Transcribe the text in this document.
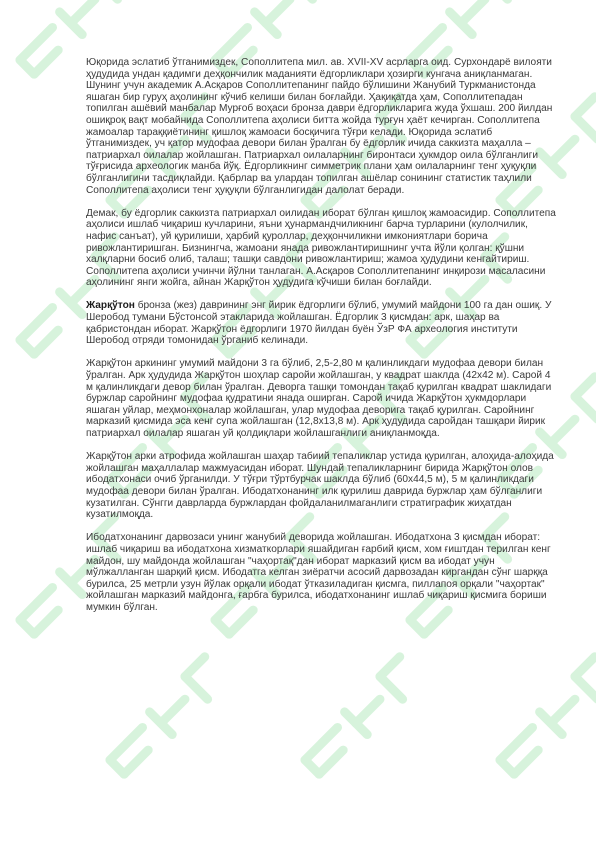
Юқорида эслатиб ўтганимиздек, Сополлитепа мил. ав. XVII-XV асрларга оид. Сурхондарё вилояти ҳудудида ундан қадимги деҳқончилик маданияти ёдгорликлари ҳозирги кунгача аниқланмаган. Шунинг учун академик А.Асқаров Сополлитепанинг пайдо бўлишини Жанубий Туркманистонда яшаган бир гуруҳ аҳолининг кўчиб келиши билан боғлайди. Ҳақиқатда ҳам, Сополлитепадан топилган ашёвий манбалар Мурғоб воҳаси бронза даври ёдгорликларига жуда ўхшаш. 200 йилдан ошиқроқ вақт мобайнида Сополлитепа аҳолиси битта жойда турғун ҳаёт кечирган. Сополлитепа жамоалар тараққиётининг қишлоқ жамоаси босқичига тўғри келади. Юқорида эслатиб ўтганимиздек, уч қатор мудофаа девори билан ўралган бу ёдгорлик ичида саккизта маҳалла – патриархал оилалар жойлашган. Патриархал оилаларнинг биронтаси ҳукмдор оила бўлганлиги тўғрисида археологик манба йўқ. Ёдгорликнинг симметрик плани ҳам оилаларнинг тенг ҳуқуқли бўлганлигини тасдиқлайди. Қабрлар ва улардан топилган ашёлар сонининг статистик таҳлили Сополлитепа аҳолиси тенг ҳуқуқли бўлганлигидан далолат беради.

Демак, бу ёдгорлик саккизта патриархал оилидан иборат бўлган қишлоқ жамоасидир. Сополлитепа аҳолиси ишлаб чиқариш кучларини, яъни ҳунармандчиликнинг барча турларини (кулолчилик, нафис санъат), уй қурилиши, ҳарбий қуроллар, деҳқончиликни имкониятлари борича ривожлантиришган. Бизнингча, жамоани янада ривожлантиришнинг учта йўли қолган: қўшни халқларни босиб олиб, талаш; ташқи савдони ривожлантириш; жамоа ҳудудини кенгайтириш. Сополлитепа аҳолиси учинчи йўлни танлаган. А.Асқаров Сополлитепанинг инқирози масаласини аҳолининг янги жойга, айнан Жарқўтон ҳудудига кўчиши билан боғлайди.

Жарқўтон бронза (жез) даврининг энг йирик ёдгорлиги бўлиб, умумий майдони 100 га дан ошиқ. У Шеробод тумани Бўстонсой этакларида жойлашган. Ёдгорлик 3 қисмдан: арк, шаҳар ва қабристондан иборат. Жарқўтон ёдгорлиги 1970 йилдан буён ЎзР ФА археология институти Шеробод отряди томонидан ўрганиб келинади.

Жарқўтон аркининг умумий майдони 3 га бўлиб, 2,5-2,80 м қалинликдаги мудофаа девори билан ўралган. Арк ҳудудида Жарқўтон шоҳлар саройи жойлашган, у квадрат шаклда (42х42 м). Сарой 4 м қалинликдаги девор билан ўралган. Деворга ташқи томондан тақаб қурилган квадрат шаклидаги буржлар саройнинг мудофаа қудратини янада оширган. Сарой ичида Жарқўтон ҳукмдорлари яшаган уйлар, меҳмонхоналар жойлашган, улар мудофаа деворига тақаб қурилган. Саройнинг марказий қисмида эса кенг супа жойлашган (12,8х13,8 м). Арк ҳудудида саройдан ташқари йирик патриархал оилалар яшаган уй қолдиқлари жойлашганлиги аниқланмоқда.

Жарқўтон арки атрофида жойлашган шаҳар табиий тепаликлар устида қурилган, алоҳида-алоҳида жойлашган маҳаллалар мажмуасидан иборат. Шундай тепаликларнинг бирида Жарқўтон олов ибодатхонаси очиб ўрганилди. У тўғри тўртбурчак шаклда бўлиб (60х44,5 м), 5 м қалинликдаги мудофаа девори билан ўралган. Ибодатхонанинг илк қурилиш даврида буржлар ҳам бўлганлиги кузатилган. Сўнгги даврларда буржлардан фойдаланилмаганлиги стратиграфик жиҳатдан кузатилмоқда.

Ибодатхонанинг дарвозаси унинг жанубий деворида жойлашган. Ибодатхона 3 қисмдан иборат: ишлаб чиқариш ва ибодатхона хизматкорлари яшайдиган ғарбий қисм, хом ғиштдан терилган кенг майдон, шу майдонда жойлашган "чаҳортақ"дан иборат марказий қисм ва ибодат учун мўлжалланган шарқий қисм. Ибодатга келган зиёратчи асосий дарвозадан киргандан сўнг шарққа бурилса, 25 метрли узун йўлак орқали ибодат ўтказиладиган қисмга, пиллапоя орқали "чаҳортак" жойлашган марказий майдонга, ғарбга бурилса, ибодатхонанинг ишлаб чиқариш қисмига бориши мумкин бўлган.
